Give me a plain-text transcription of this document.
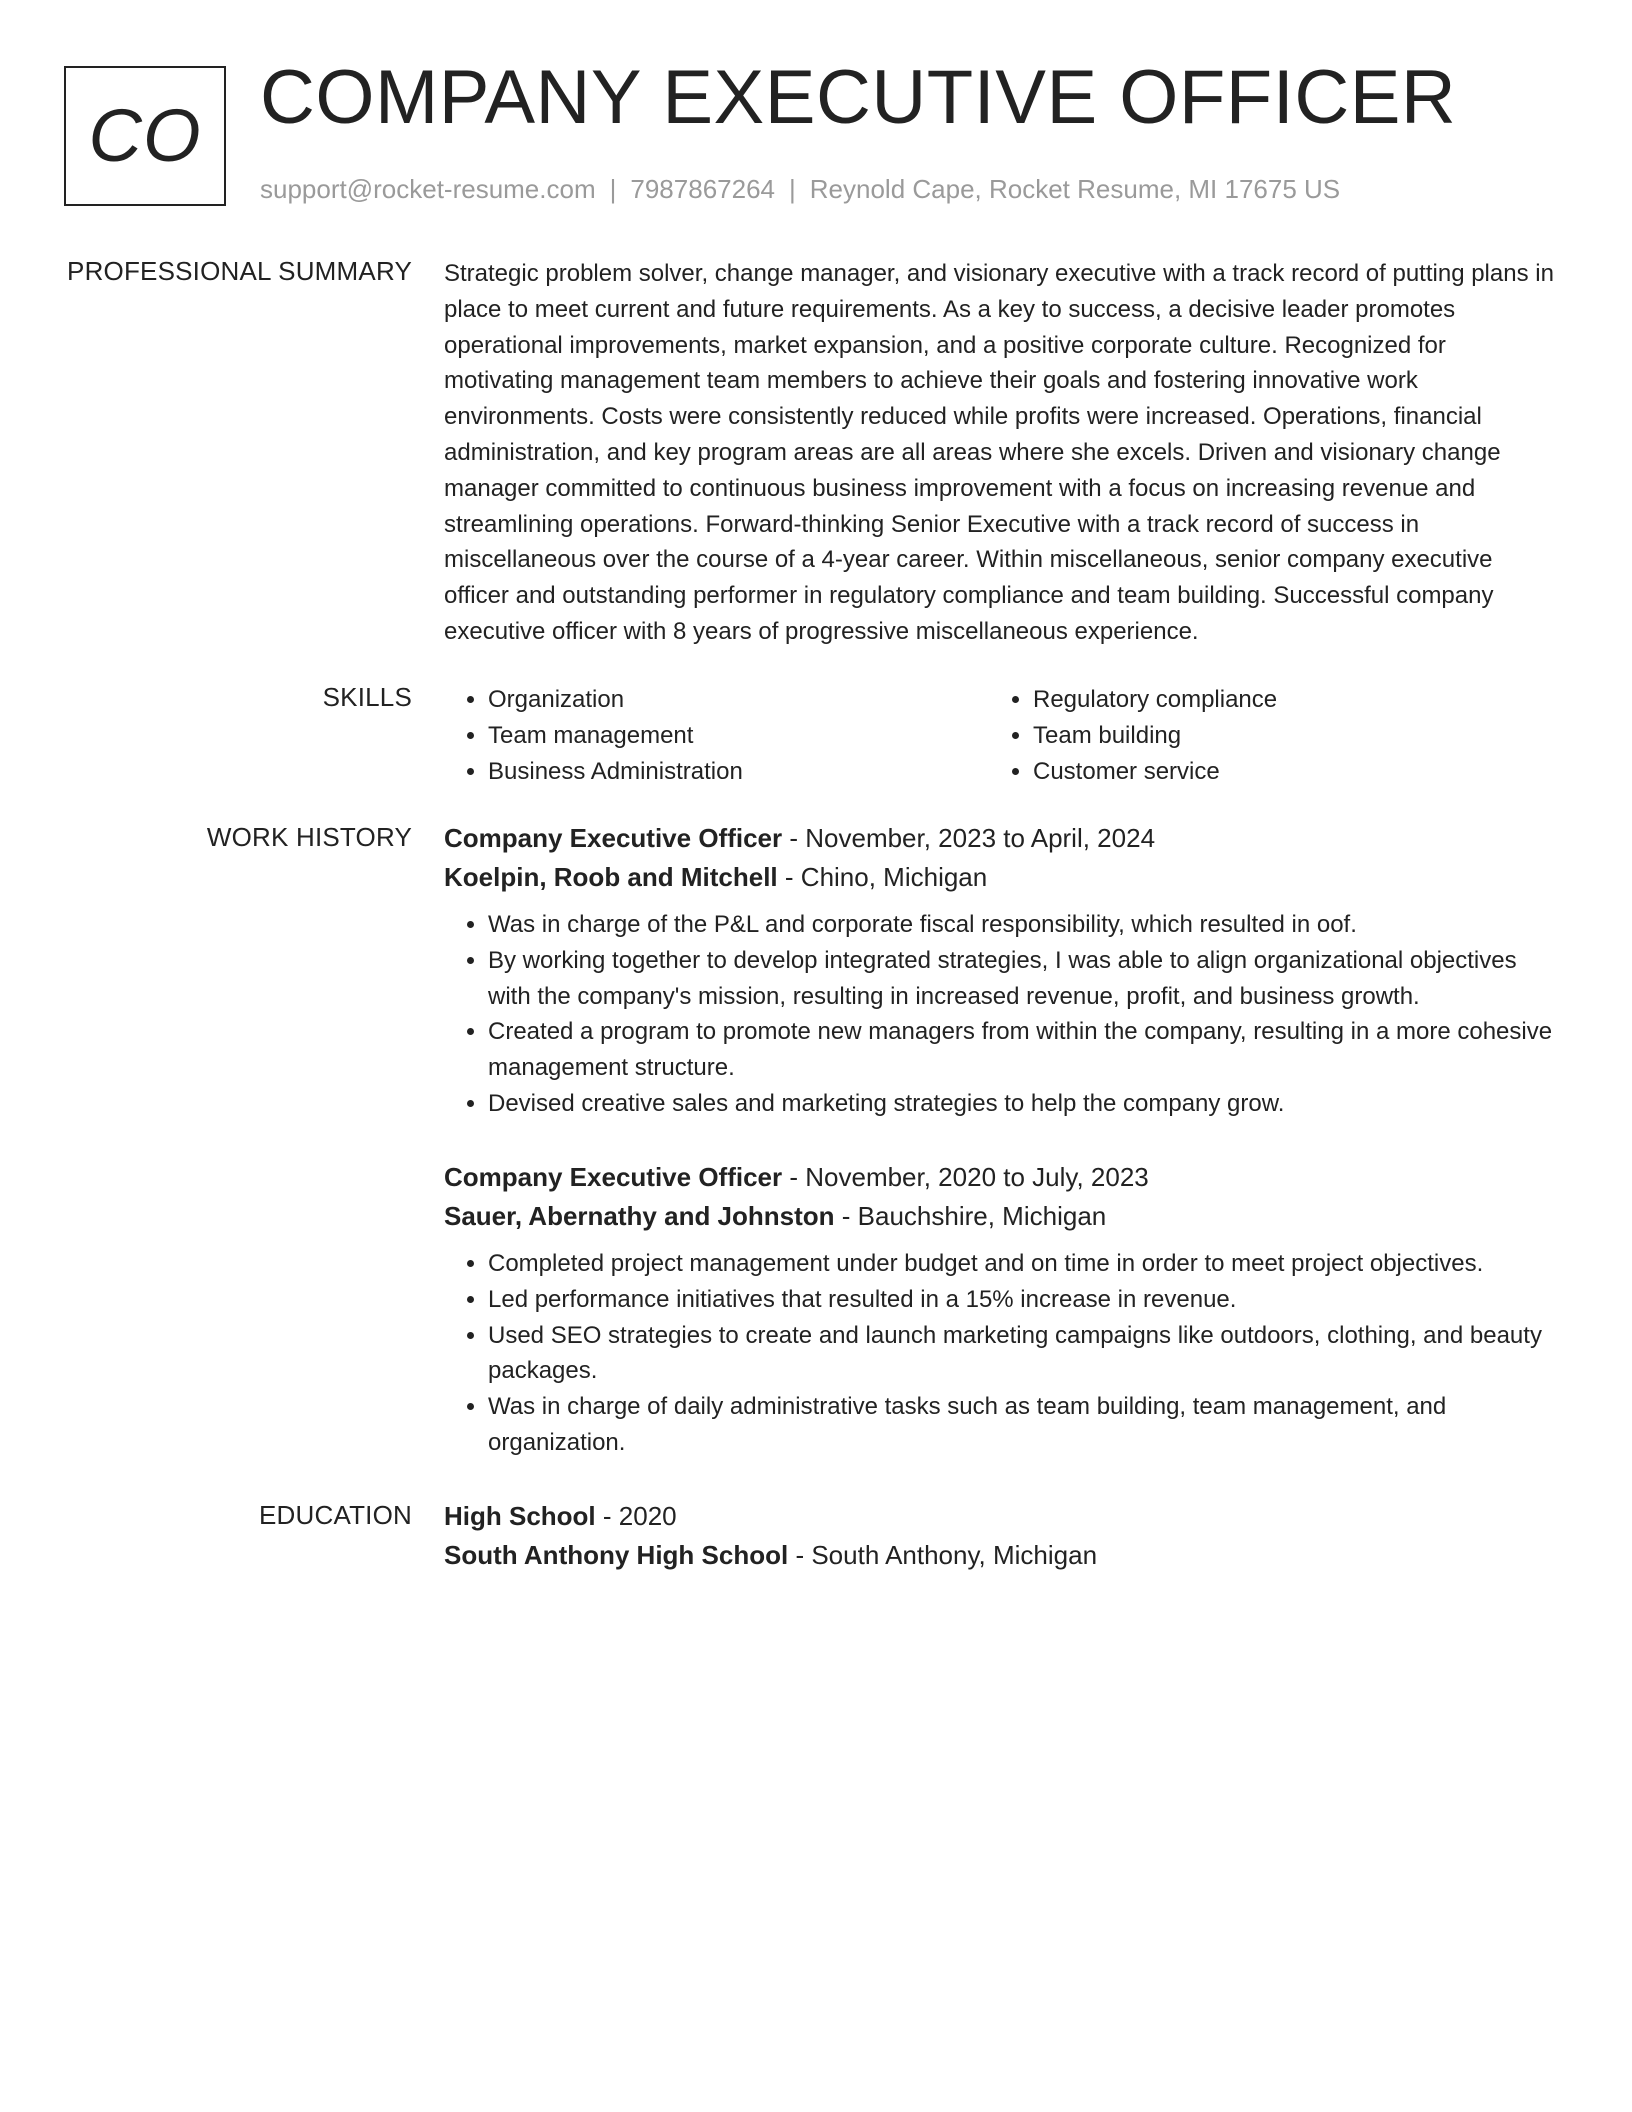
CO COMPANY EXECUTIVE OFFICER
support@rocket-resume.com | 7987867264 | Reynold Cape, Rocket Resume, MI 17675 US
PROFESSIONAL SUMMARY Strategic problem solver, change manager, and visionary executive with a track record of putting plans in place to meet current and future requirements. As a key to success, a decisive leader promotes operational improvements, market expansion, and a positive corporate culture. Recognized for motivating management team members to achieve their goals and fostering innovative work environments. Costs were consistently reduced while profits were increased. Operations, financial administration, and key program areas are all areas where she excels. Driven and visionary change manager committed to continuous business improvement with a focus on increasing revenue and streamlining operations. Forward-thinking Senior Executive with a track record of success in miscellaneous over the course of a 4-year career. Within miscellaneous, senior company executive officer and outstanding performer in regulatory compliance and team building. Successful company executive officer with 8 years of progressive miscellaneous experience.

SKILLS
•	Organization
• Team management
• Business Administration
• Regulatory compliance
• Team building
• Customer service
WORK HISTORY Company Executive Officer - November, 2023 to April, 2024
Koelpin, Roob and Mitchell - Chino, Michigan
• Was in charge of the P&L and corporate fiscal responsibility, which resulted in oof.
• By working together to develop integrated strategies, I was able to align organizational objectives with the company's mission, resulting in increased revenue, profit, and business growth.
• Created a program to promote new managers from within the company, resulting in a more cohesive management structure.
• Devised creative sales and marketing strategies to help the company grow.
Company Executive Officer - November, 2020 to July, 2023
Sauer, Abernathy and Johnston - Bauchshire, Michigan
• Completed project management under budget and on time in order to meet project objectives.
• Led performance initiatives that resulted in a 15% increase in revenue.
• Used SEO strategies to create and launch marketing campaigns like outdoors, clothing, and beauty packages.
• Was in charge of daily administrative tasks such as team building, team management, and organization.
EDUCATION High School - 2020
South Anthony High School - South Anthony, Michigan
